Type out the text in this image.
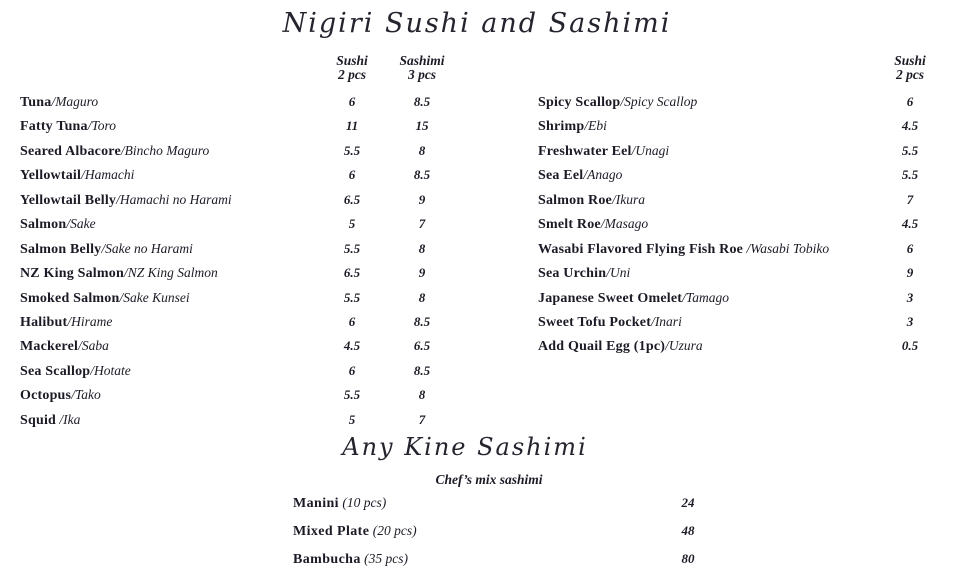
Nigiri Sushi and Sashimi
Sushi
2 pcs
Sashimi
3 pcs
Sushi
2 pcs
Tuna/Maguro	6	8.5
Fatty Tuna/Toro	11	15
Seared Albacore/Bincho Maguro	5.5	8
Yellowtail/Hamachi	6	8.5
Yellowtail Belly/Hamachi no Harami	6.5	9
Salmon/Sake	5	7
Salmon Belly/Sake no Harami	5.5	8
NZ King Salmon/NZ King Salmon	6.5	9
Smoked Salmon/Sake Kunsei	5.5	8
Halibut/Hirame	6	8.5
Mackerel/Saba	4.5	6.5
Sea Scallop/Hotate	6	8.5
Octopus/Tako	5.5	8
Squid /Ika	5	7
Spicy Scallop/Spicy Scallop	6
Shrimp/Ebi	4.5
Freshwater Eel/Unagi	5.5
Sea Eel/Anago	5.5
Salmon Roe/Ikura	7
Smelt Roe/Masago	4.5
Wasabi Flavored Flying Fish Roe /Wasabi Tobiko	6
Sea Urchin/Uni	9
Japanese Sweet Omelet/Tamago	3
Sweet Tofu Pocket/Inari	3
Add Quail Egg (1pc)/Uzura	0.5
Any Kine Sashimi

Chef’s mix sashimi

Manini (10 pcs)	24
Mixed Plate (20 pcs)	48
Bambucha (35 pcs)	80
